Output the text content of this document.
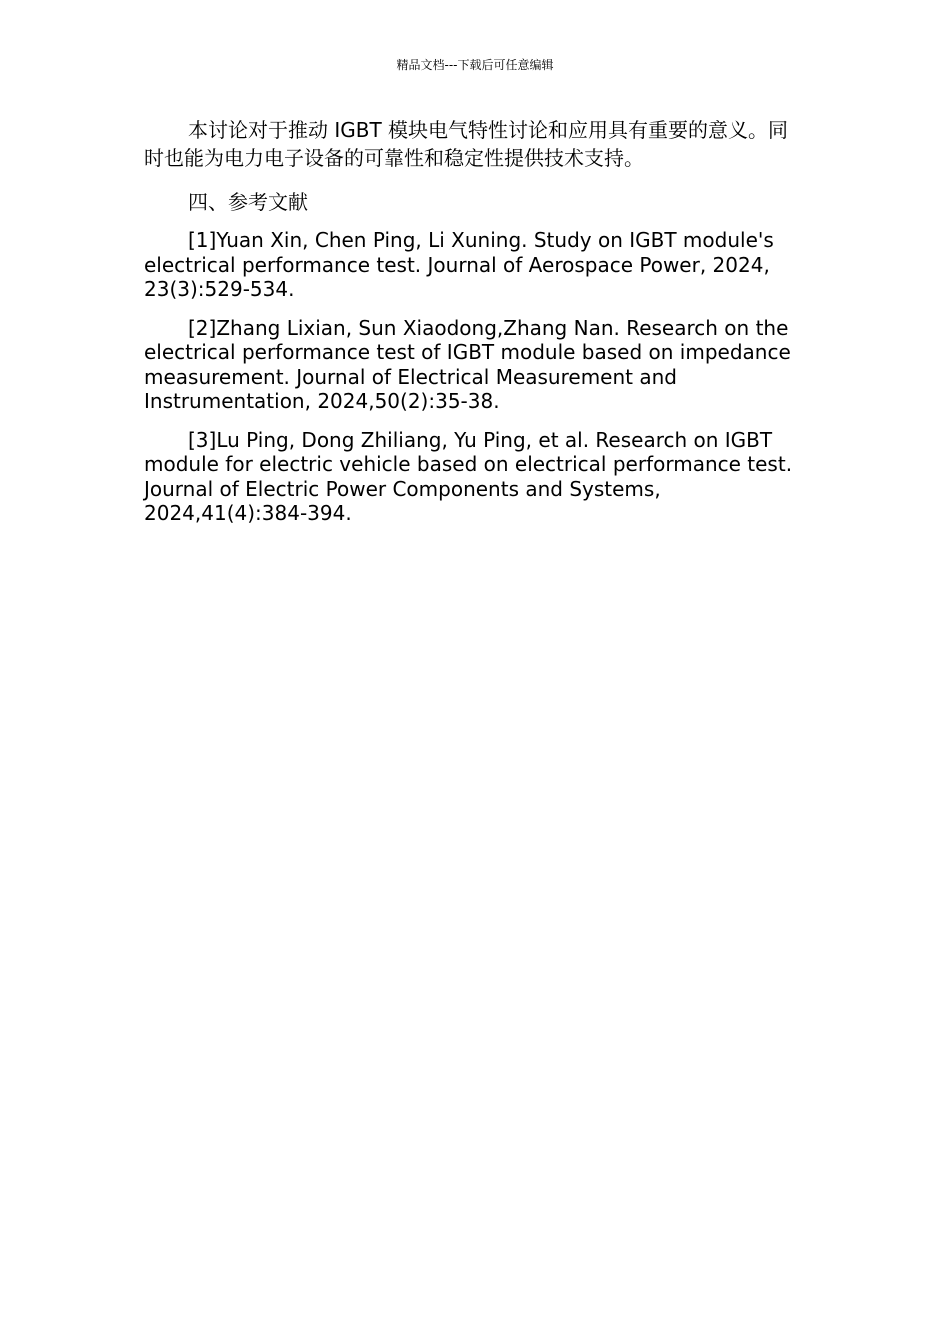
精品文档---下载后可任意编辑

本讨论对于推动 IGBT 模块电气特性讨论和应用具有重要的意义。同时也能为电力电子设备的可靠性和稳定性提供技术支持。

四、参考文献

[1]Yuan Xin, Chen Ping, Li Xuning. Study on IGBT module's electrical performance test. Journal of Aerospace Power, 2024, 23(3):529-534.

[2]Zhang Lixian, Sun Xiaodong,Zhang Nan. Research on the electrical performance test of IGBT module based on impedance measurement. Journal of Electrical Measurement and Instrumentation, 2024,50(2):35-38.

[3]Lu Ping, Dong Zhiliang, Yu Ping, et al. Research on IGBT module for electric vehicle based on electrical performance test. Journal of Electric Power Components and Systems, 2024,41(4):384-394.
